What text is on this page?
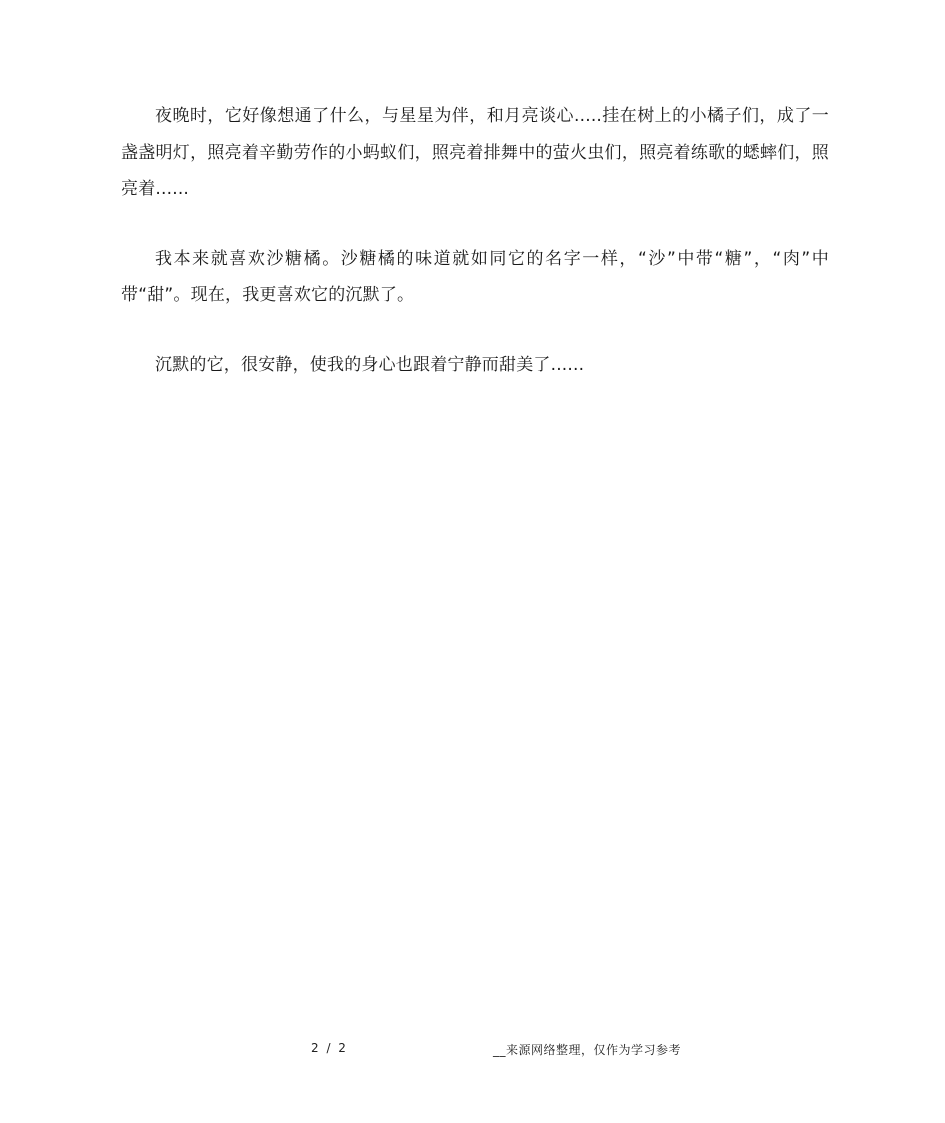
夜晚时，它好像想通了什么，与星星为伴，和月亮谈心.....挂在树上的小橘子们，成了一盏盏明灯，照亮着辛勤劳作的小蚂蚁们，照亮着排舞中的萤火虫们，照亮着练歌的蟋蟀们，照亮着......

我本来就喜欢沙糖橘。沙糖橘的味道就如同它的名字一样，“沙”中带“糖”，“肉”中带“甜”。现在，我更喜欢它的沉默了。

沉默的它，很安静，使我的身心也跟着宁静而甜美了......

2 / 2	__来源网络整理，仅作为学习参考
